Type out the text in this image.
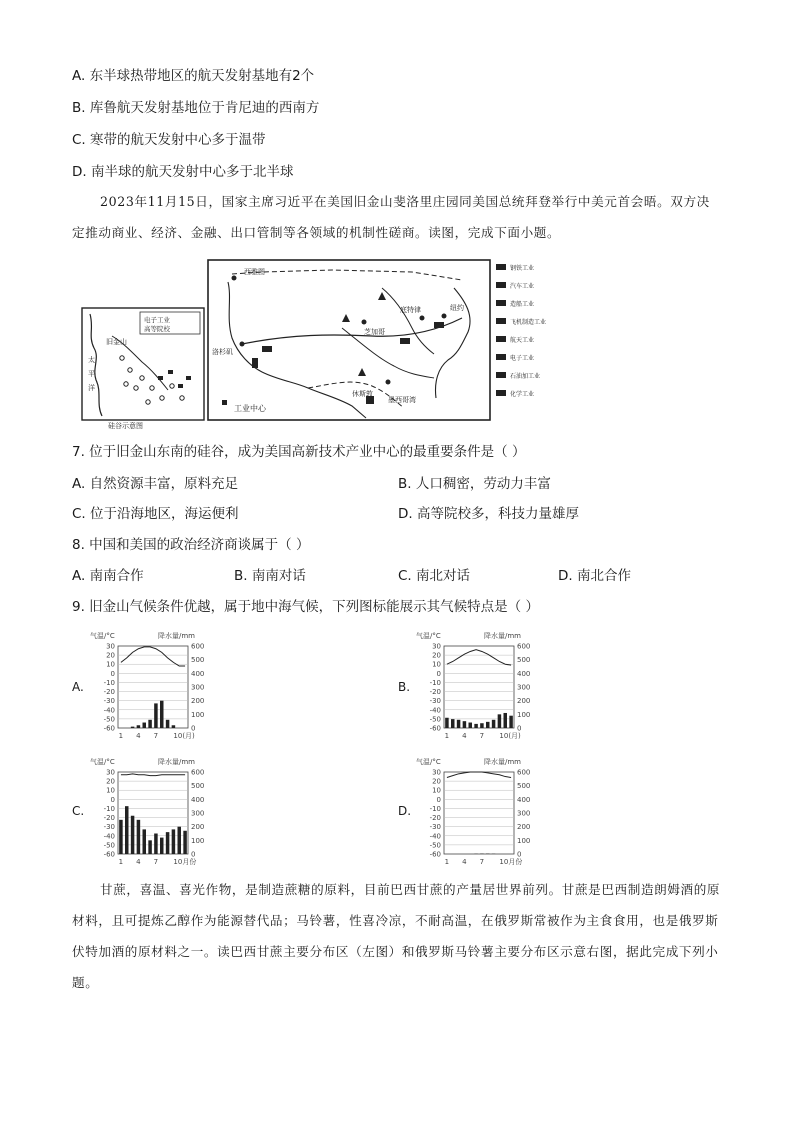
A. 东半球热带地区的航天发射基地有2个
B. 库鲁航天发射基地位于肯尼迪的西南方
C. 寒带的航天发射中心多于温带
D. 南半球的航天发射中心多于北半球
2023年11月15日，国家主席习近平在美国旧金山斐洛里庄园同美国总统拜登举行中美元首会晤。双方决定推动商业、经济、金融、出口管制等各领域的机制性磋商。读图，完成下面小题。
工业中心
西雅图
洛杉矶
休斯敦
芝加哥
底特律	纽约
墨西哥湾
电子工业
高等院校
旧金山
太
平
洋
硅谷示意图
钢铁工业
汽车工业
造船工业
飞机制造工业
航天工业
电子工业
石油加工业
化学工业
7. 位于旧金山东南的硅谷，成为美国高新技术产业中心的最重要条件是（ ）
A. 自然资源丰富，原料充足	B. 人口稠密，劳动力丰富
C. 位于沿海地区，海运便利	D. 高等院校多，科技力量雄厚
8. 中国和美国的政治经济商谈属于（ ）
A. 南南合作	B. 南南对话	C. 南北对话	D. 南北合作
9. 旧金山气候条件优越，属于地中海气候，下列图标能展示其气候特点是（ ）
A.	B.
C.	D.
气温/°C	降水量/mm
30
20
10
0
-10
-20
-30
-40
-50
-60
600
500
400
300
200
100
0
1 4 7 10(月)
气温/°C	降水量/mm
30
20
10
0
-10
-20
-30
-40
-50
-60
600
500
400
300
200
100
0
1 4 7 10(月)
气温/°C	降水量/mm
30
20
10
0
-10
-20
-30
-40
-50
-60
600
500
400
300
200
100
0
1 4 7 10月份
气温/°C	降水量/mm
30
20
10
0
-10
-20
-30
-40
-50
-60
600
500
400
300
200
100
0
1 4 7 10月份
甘蔗，喜温、喜光作物，是制造蔗糖的原料，目前巴西甘蔗的产量居世界前列。甘蔗是巴西制造朗姆酒的原材料，且可提炼乙醇作为能源替代品；马铃薯，性喜冷凉，不耐高温，在俄罗斯常被作为主食食用，也是俄罗斯伏特加酒的原材料之一。读巴西甘蔗主要分布区（左图）和俄罗斯马铃薯主要分布区示意右图，据此完成下列小题。
